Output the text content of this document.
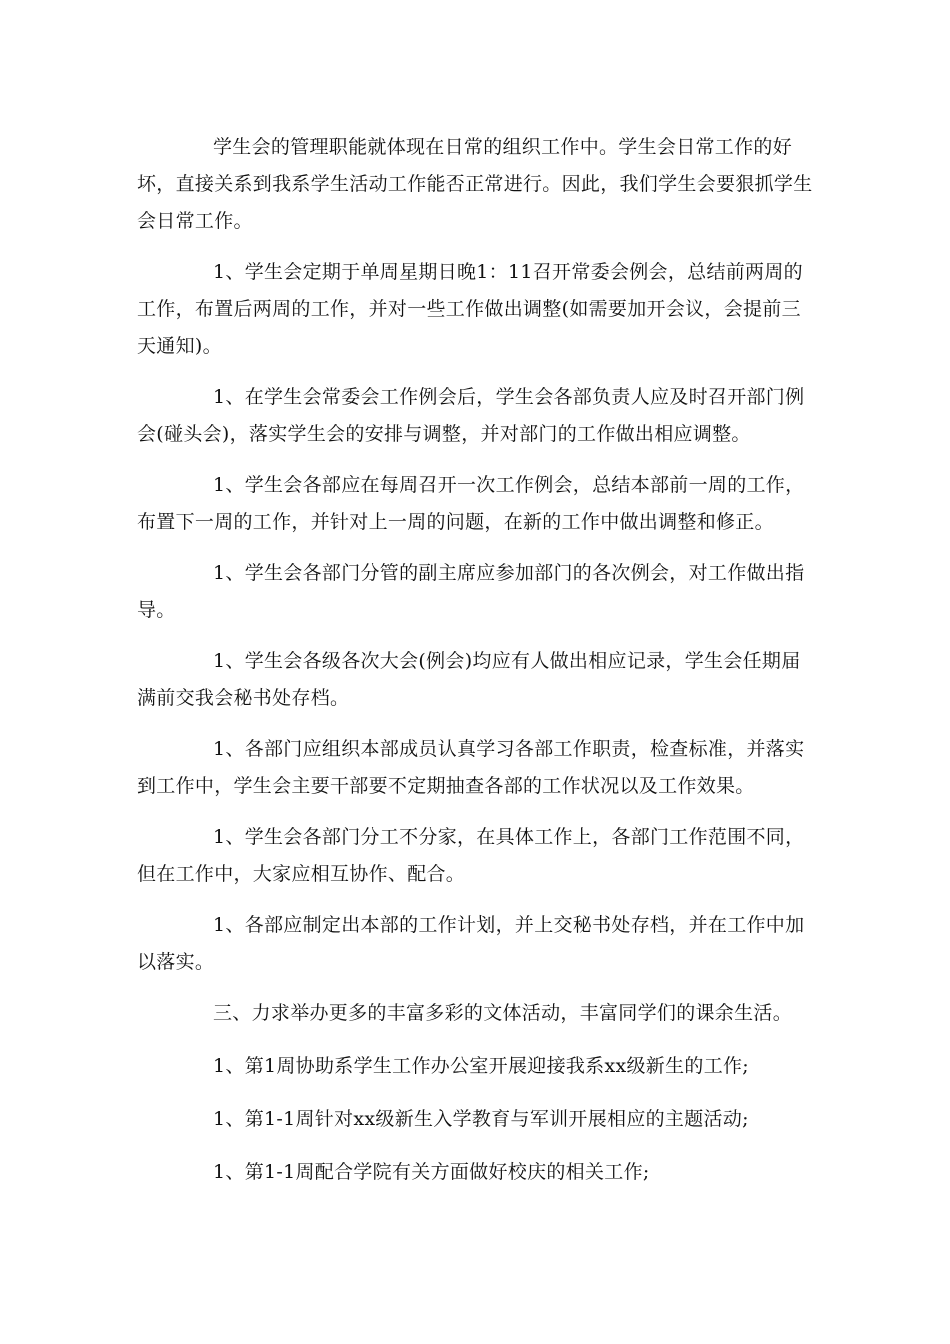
学生会的管理职能就体现在日常的组织工作中。学生会日常工作的好坏，直接关系到我系学生活动工作能否正常进行。因此，我们学生会要狠抓学生会日常工作。

1、学生会定期于单周星期日晚1：11召开常委会例会，总结前两周的工作，布置后两周的工作，并对一些工作做出调整(如需要加开会议，会提前三天通知)。

1、在学生会常委会工作例会后，学生会各部负责人应及时召开部门例会(碰头会)，落实学生会的安排与调整，并对部门的工作做出相应调整。

1、学生会各部应在每周召开一次工作例会，总结本部前一周的工作，布置下一周的工作，并针对上一周的问题，在新的工作中做出调整和修正。

1、学生会各部门分管的副主席应参加部门的各次例会，对工作做出指导。

1、学生会各级各次大会(例会)均应有人做出相应记录，学生会任期届满前交我会秘书处存档。

1、各部门应组织本部成员认真学习各部工作职责，检查标准，并落实到工作中，学生会主要干部要不定期抽查各部的工作状况以及工作效果。

1、学生会各部门分工不分家，在具体工作上，各部门工作范围不同，但在工作中，大家应相互协作、配合。

1、各部应制定出本部的工作计划，并上交秘书处存档，并在工作中加以落实。

三、力求举办更多的丰富多彩的文体活动，丰富同学们的课余生活。

1、第1周协助系学生工作办公室开展迎接我系xx级新生的工作;

1、第1-1周针对xx级新生入学教育与军训开展相应的主题活动;

1、第1-1周配合学院有关方面做好校庆的相关工作;
